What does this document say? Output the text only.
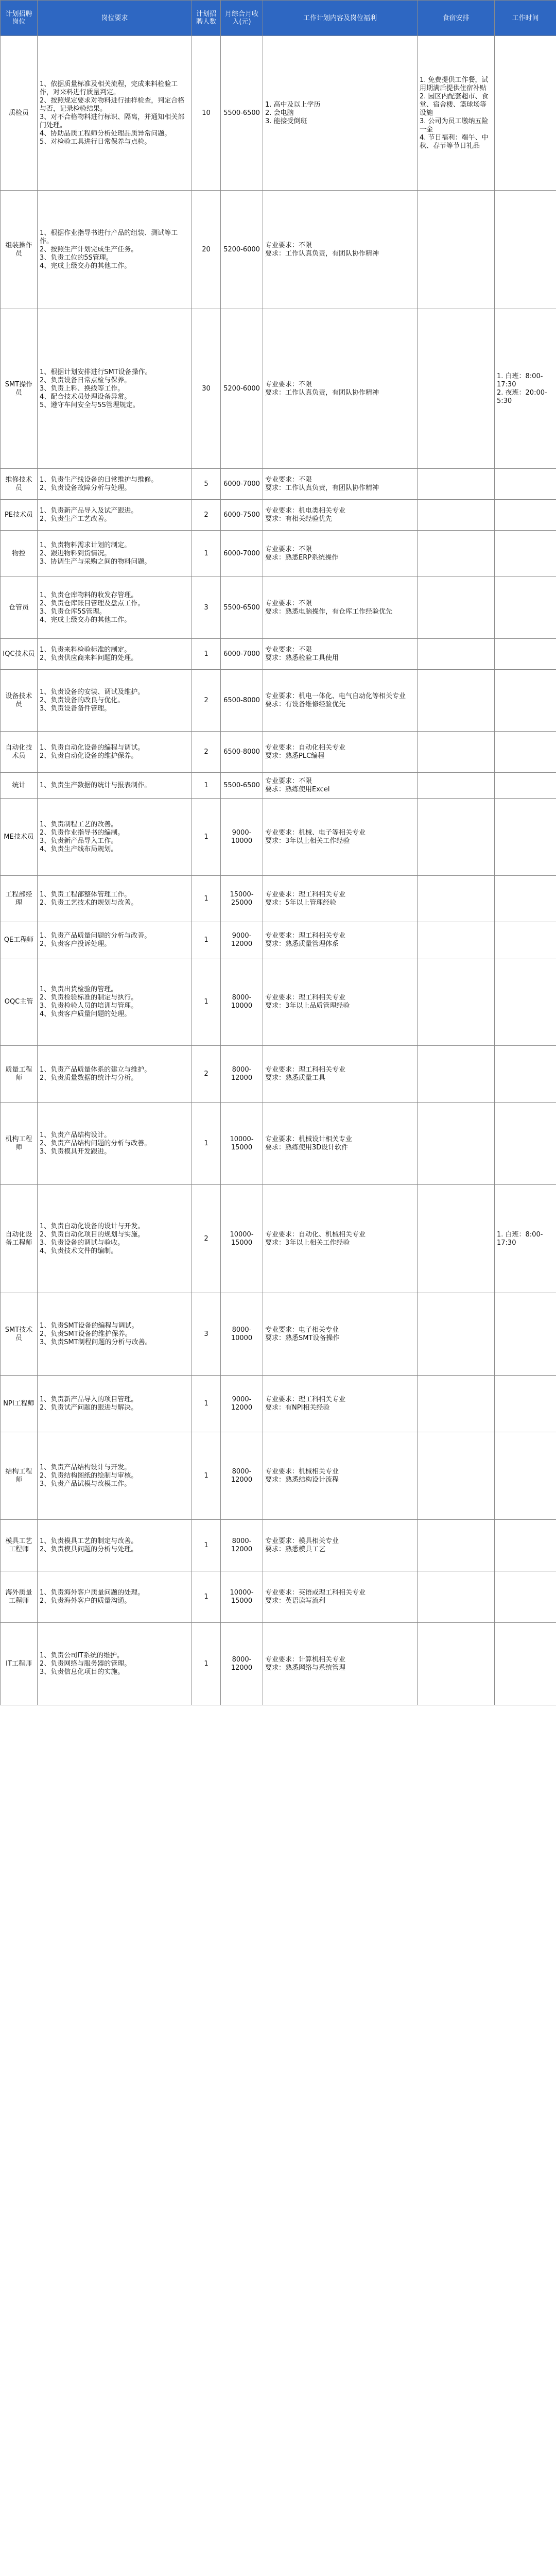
计划招聘岗位	岗位要求	计划招聘人数	月综合月收入(元)	工作计划内容及岗位福利	食宿安排	工作时间
质检员	1、依据质量标准及相关流程，完成来料检验工作，对来料进行质量判定。
2、按照规定要求对物料进行抽样检查，判定合格与否，记录检验结果。
3、对不合格物料进行标识、隔离，并通知相关部门处理。
4、协助品质工程师分析处理品质异常问题。
5、对检验工具进行日常保养与点检。	10	5500-6500	1. 高中及以上学历
2. 会电脑
3. 能接受倒班	1. 免费提供工作餐，试用期满后提供住宿补贴
2. 园区内配套超市、食堂、宿舍楼、篮球场等设施
3. 公司为员工缴纳五险一金
4. 节日福利：端午、中秋、春节等节日礼品	
组装操作员	1、根据作业指导书进行产品的组装、测试等工作。
2、按照生产计划完成生产任务。
3、负责工位的5S管理。
4、完成上级交办的其他工作。	20	5200-6000	专业要求：不限
要求：工作认真负责，有团队协作精神		
SMT操作员	1、根据计划安排进行SMT设备操作。
2、负责设备日常点检与保养。
3、负责上料、换线等工作。
4、配合技术员处理设备异常。
5、遵守车间安全与5S管理规定。	30	5200-6000	专业要求：不限
要求：工作认真负责，有团队协作精神		1. 白班：8:00-17:30
2. 夜班：20:00-5:30
维修技术员	1、负责生产线设备的日常维护与维修。
2、负责设备故障分析与处理。	5	6000-7000	专业要求：不限
要求：工作认真负责，有团队协作精神		
PE技术员	1、负责新产品导入及试产跟进。
2、负责生产工艺改善。	2	6000-7500	专业要求：机电类相关专业
要求：有相关经验优先		
物控	1、负责物料需求计划的制定。
2、跟进物料到货情况。
3、协调生产与采购之间的物料问题。	1	6000-7000	专业要求：不限
要求：熟悉ERP系统操作		
仓管员	1、负责仓库物料的收发存管理。
2、负责仓库账目管理及盘点工作。
3、负责仓库5S管理。
4、完成上级交办的其他工作。	3	5500-6500	专业要求：不限
要求：熟悉电脑操作，有仓库工作经验优先		
IQC技术员	1、负责来料检验标准的制定。
2、负责供应商来料问题的处理。	1	6000-7000	专业要求：不限
要求：熟悉检验工具使用		
设备技术员	1、负责设备的安装、调试及维护。
2、负责设备的改良与优化。
3、负责设备备件管理。	2	6500-8000	专业要求：机电一体化、电气自动化等相关专业
要求：有设备维修经验优先		
自动化技术员	1、负责自动化设备的编程与调试。
2、负责自动化设备的维护保养。	2	6500-8000	专业要求：自动化相关专业
要求：熟悉PLC编程		
统计	1、负责生产数据的统计与报表制作。	1	5500-6500	专业要求：不限
要求：熟练使用Excel		
ME技术员	1、负责制程工艺的改善。
2、负责作业指导书的编制。
3、负责新产品导入工作。
4、负责生产线布局规划。	1	9000-10000	专业要求：机械、电子等相关专业
要求：3年以上相关工作经验		
工程部经理	1、负责工程部整体管理工作。
2、负责工艺技术的规划与改善。	1	15000-25000	专业要求：理工科相关专业
要求：5年以上管理经验		
QE工程师	1、负责产品质量问题的分析与改善。
2、负责客户投诉处理。	1	9000-12000	专业要求：理工科相关专业
要求：熟悉质量管理体系		
OQC主管	1、负责出货检验的管理。
2、负责检验标准的制定与执行。
3、负责检验人员的培训与管理。
4、负责客户质量问题的处理。	1	8000-10000	专业要求：理工科相关专业
要求：3年以上品质管理经验		
质量工程师	1、负责产品质量体系的建立与维护。
2、负责质量数据的统计与分析。	2	8000-12000	专业要求：理工科相关专业
要求：熟悉质量工具		
机构工程师	1、负责产品结构设计。
2、负责产品结构问题的分析与改善。
3、负责模具开发跟进。	1	10000-15000	专业要求：机械设计相关专业
要求：熟练使用3D设计软件		
自动化设备工程师	1、负责自动化设备的设计与开发。
2、负责自动化项目的规划与实施。
3、负责设备的调试与验收。
4、负责技术文件的编制。	2	10000-15000	专业要求：自动化、机械相关专业
要求：3年以上相关工作经验		1. 白班：8:00-17:30
SMT技术员	1、负责SMT设备的编程与调试。
2、负责SMT设备的维护保养。
3、负责SMT制程问题的分析与改善。	3	8000-10000	专业要求：电子相关专业
要求：熟悉SMT设备操作		
NPI工程师	1、负责新产品导入的项目管理。
2、负责试产问题的跟进与解决。	1	9000-12000	专业要求：理工科相关专业
要求：有NPI相关经验		
结构工程师	1、负责产品结构设计与开发。
2、负责结构图纸的绘制与审核。
3、负责产品试模与改模工作。	1	8000-12000	专业要求：机械相关专业
要求：熟悉结构设计流程		
模具工艺工程师	1、负责模具工艺的制定与改善。
2、负责模具问题的分析与处理。	1	8000-12000	专业要求：模具相关专业
要求：熟悉模具工艺		
海外质量工程师	1、负责海外客户质量问题的处理。
2、负责海外客户的质量沟通。	1	10000-15000	专业要求：英语或理工科相关专业
要求：英语读写流利		
IT工程师	1、负责公司IT系统的维护。
2、负责网络与服务器的管理。
3、负责信息化项目的实施。	1	8000-12000	专业要求：计算机相关专业
要求：熟悉网络与系统管理		
